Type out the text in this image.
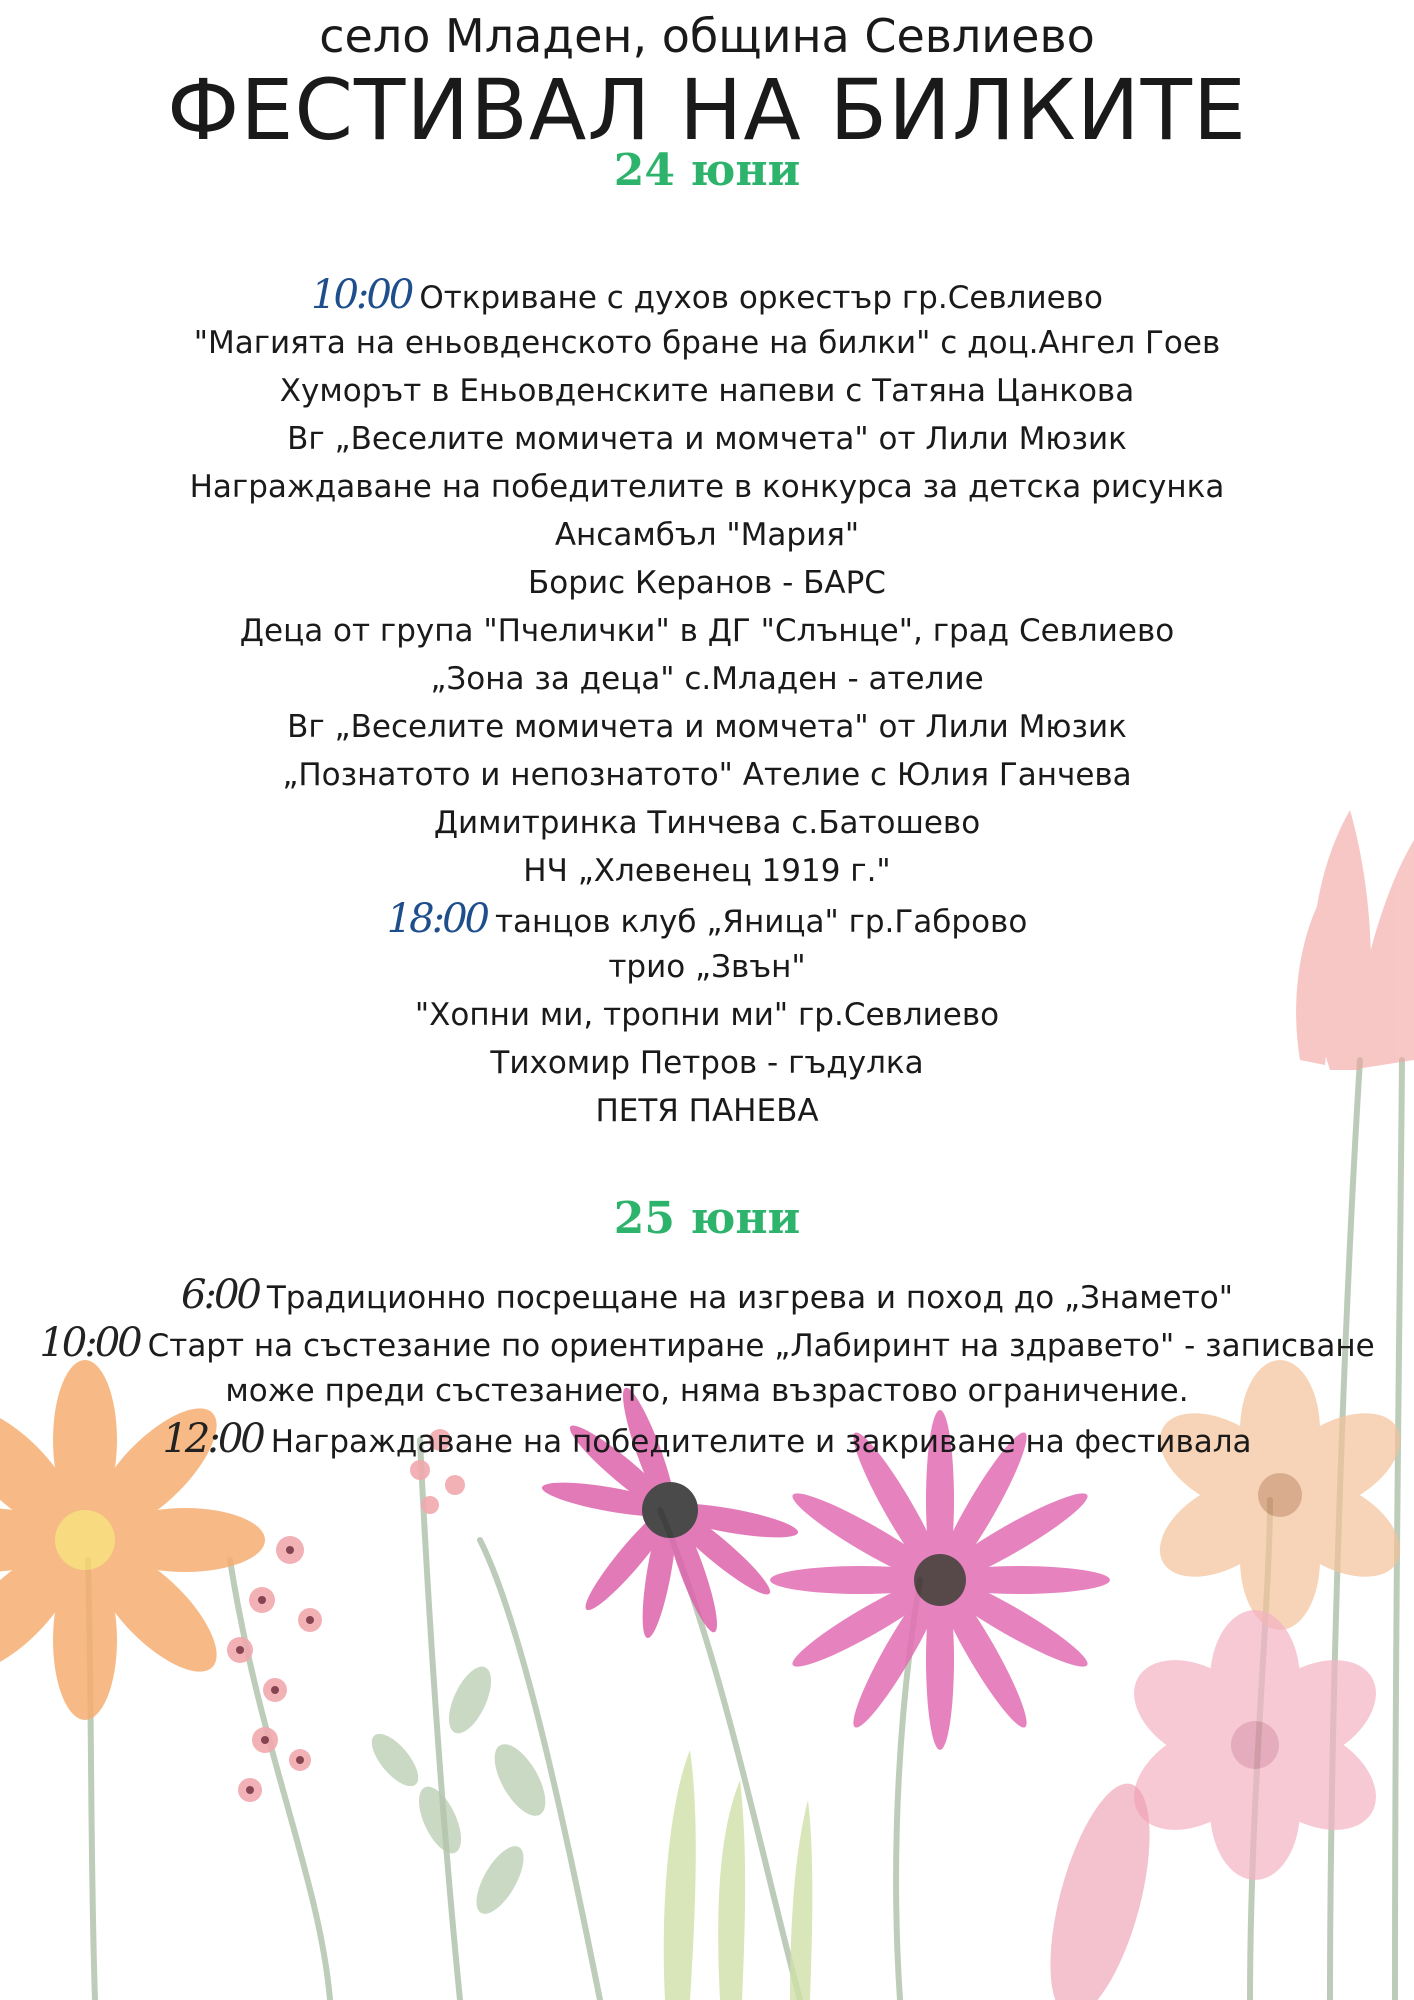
село Младен, община Севлиево
ФЕСТИВАЛ НА БИЛКИТЕ
24 юни
10:00 Откриване с духов оркестър гр.Севлиево
"Магията на еньовденското бране на билки" с доц.Ангел Гоев
Хуморът в Еньовденските напеви с Татяна Цанкова
Вг „Веселите момичета и момчета" от Лили Мюзик
Награждаване на победителите в конкурса за детска рисунка
Ансамбъл "Мария"
Борис Керанов - БАРС
Деца от група "Пчелички" в ДГ "Слънце", град Севлиево
„Зона за деца" с.Младен - ателие
Вг „Веселите момичета и момчета" от Лили Мюзик
„Познатото и непознатото" Ателие с Юлия Ганчева
Димитринка Тинчева с.Батошево
НЧ „Хлевенец 1919 г."
18:00 танцов клуб „Яница" гр.Габрово
трио „Звън"
"Хопни ми, тропни ми" гр.Севлиево
Тихомир Петров - гъдулка
ПЕТЯ ПАНЕВА
25 юни
6:00 Традиционно посрещане на изгрева и поход до „Знамето"
10:00 Старт на състезание по ориентиране „Лабиринт на здравето" - записване
може преди състезанието, няма възрастово ограничение.
12:00 Награждаване на победителите и закриване на фестивала
